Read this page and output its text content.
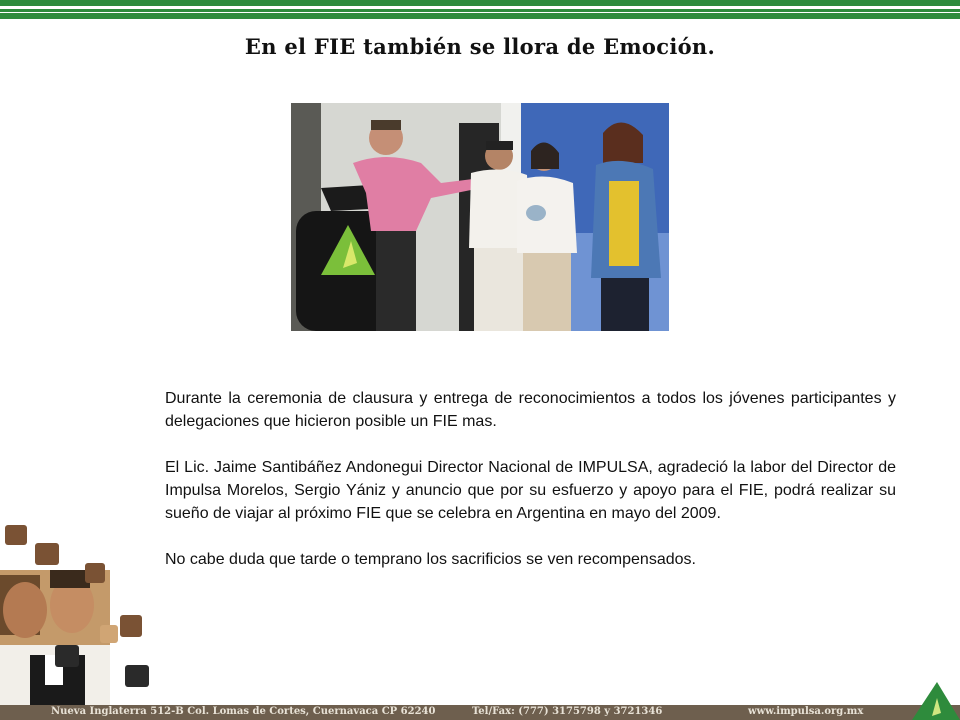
En el FIE también se llora de Emoción.

Durante la ceremonia de clausura y entrega de reconocimientos a todos los jóvenes participantes y delegaciones que hicieron posible un FIE mas.

El Lic. Jaime Santibáñez Andonegui Director Nacional de IMPULSA, agradeció la labor del Director de Impulsa Morelos, Sergio Yániz y anuncio que por su esfuerzo y apoyo para el FIE, podrá realizar su sueño de viajar al próximo FIE que se celebra en Argentina en mayo del 2009.

No cabe duda que tarde o temprano los sacrificios se ven recompensados.

Nueva Inglaterra 512-B Col. Lomas de Cortes, Cuernavaca CP 62240	Tel/Fax: (777) 3175798 y 3721346	www.impulsa.org.mx
